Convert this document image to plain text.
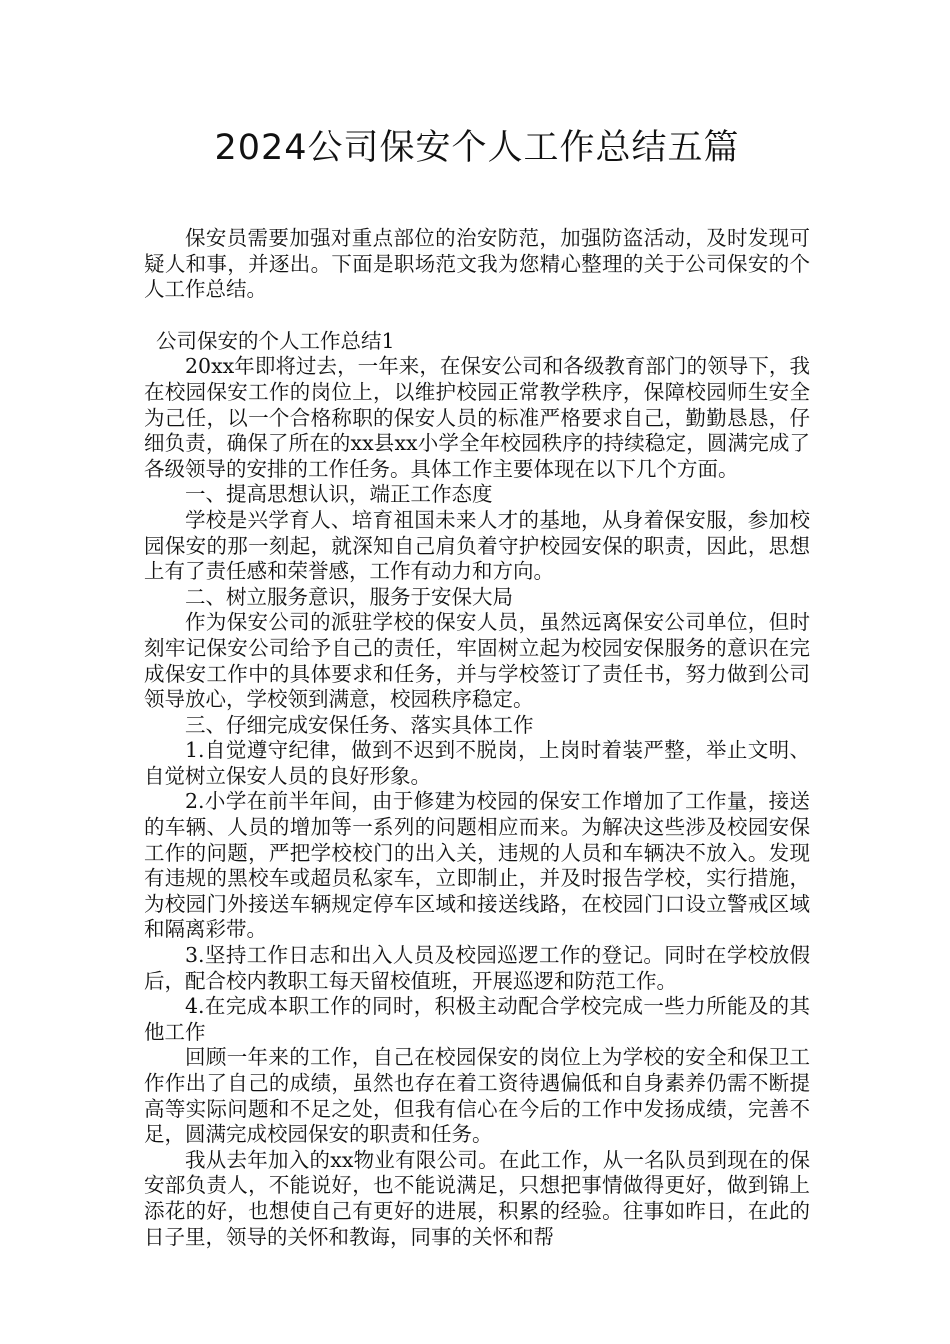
2024公司保安个人工作总结五篇

保安员需要加强对重点部位的治安防范，加强防盗活动，及时发现可疑人和事，并逐出。下面是职场范文我为您精心整理的关于公司保安的个人工作总结。

公司保安的个人工作总结1

20xx年即将过去，一年来，在保安公司和各级教育部门的领导下，我在校园保安工作的岗位上，以维护校园正常教学秩序，保障校园师生安全为己任，以一个合格称职的保安人员的标准严格要求自己，勤勤恳恳，仔细负责，确保了所在的xx县xx小学全年校园秩序的持续稳定，圆满完成了各级领导的安排的工作任务。具体工作主要体现在以下几个方面。

一、提高思想认识，端正工作态度

学校是兴学育人、培育祖国未来人才的基地，从身着保安服，参加校园保安的那一刻起，就深知自己肩负着守护校园安保的职责，因此，思想上有了责任感和荣誉感，工作有动力和方向。

二、树立服务意识，服务于安保大局

作为保安公司的派驻学校的保安人员，虽然远离保安公司单位，但时刻牢记保安公司给予自己的责任，牢固树立起为校园安保服务的意识在完成保安工作中的具体要求和任务，并与学校签订了责任书，努力做到公司领导放心，学校领到满意，校园秩序稳定。

三、仔细完成安保任务、落实具体工作

1.自觉遵守纪律，做到不迟到不脱岗，上岗时着装严整，举止文明、自觉树立保安人员的良好形象。

2.小学在前半年间，由于修建为校园的保安工作增加了工作量，接送的车辆、人员的增加等一系列的问题相应而来。为解决这些涉及校园安保工作的问题，严把学校校门的出入关，违规的人员和车辆决不放入。发现有违规的黑校车或超员私家车，立即制止，并及时报告学校，实行措施，为校园门外接送车辆规定停车区域和接送线路，在校园门口设立警戒区域和隔离彩带。

3.坚持工作日志和出入人员及校园巡逻工作的登记。同时在学校放假后，配合校内教职工每天留校值班，开展巡逻和防范工作。

4.在完成本职工作的同时，积极主动配合学校完成一些力所能及的其他工作

回顾一年来的工作，自己在校园保安的岗位上为学校的安全和保卫工作作出了自己的成绩，虽然也存在着工资待遇偏低和自身素养仍需不断提高等实际问题和不足之处，但我有信心在今后的工作中发扬成绩，完善不足，圆满完成校园保安的职责和任务。

我从去年加入的xx物业有限公司。在此工作，从一名队员到现在的保安部负责人，不能说好，也不能说满足，只想把事情做得更好，做到锦上添花的好，也想使自己有更好的进展，积累的经验。往事如昨日，在此的日子里，领导的关怀和教诲，同事的关怀和帮
